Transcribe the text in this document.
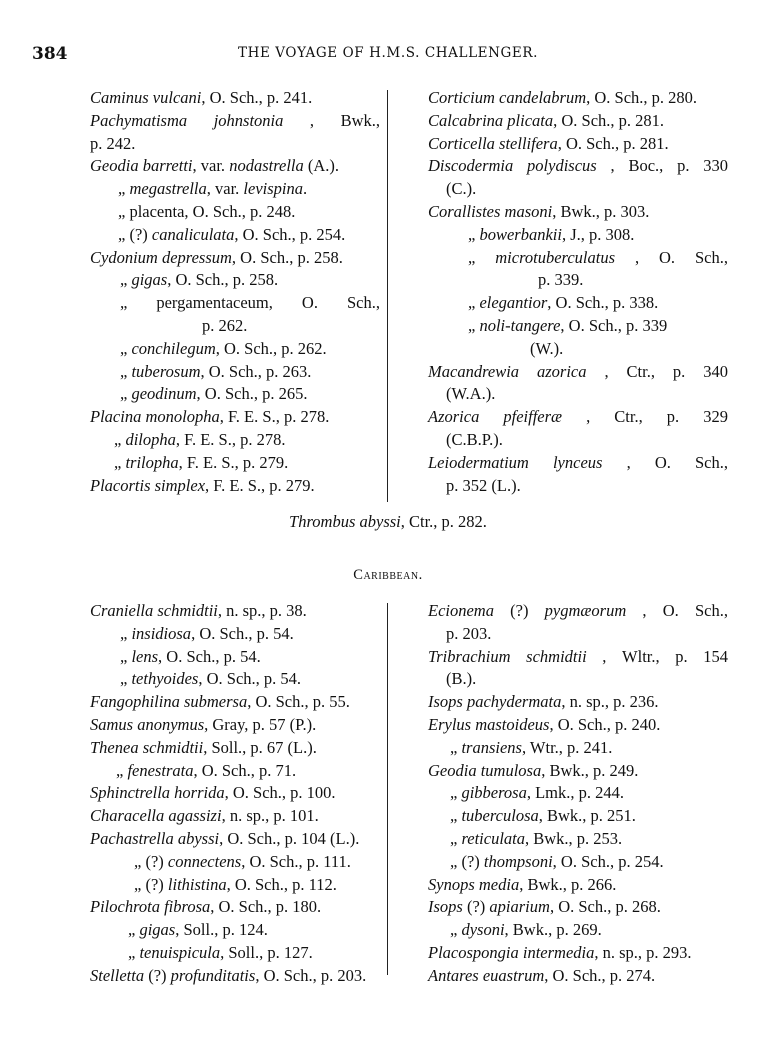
384	THE VOYAGE OF H.M.S. CHALLENGER.
Caminus vulcani, O. Sch., p. 241.
Pachymatisma johnstonia , Bwk.,
p. 242.
Geodia barretti, var. nodastrella (A.).
„ megastrella, var. levispina.
„ placenta, O. Sch., p. 248.
„ (?) canaliculata, O. Sch., p. 254.
Cydonium depressum, O. Sch., p. 258.
„ gigas, O. Sch., p. 258.
„ pergamentaceum, O. Sch.,
p. 262.
„ conchilegum, O. Sch., p. 262.
„ tuberosum, O. Sch., p. 263.
„ geodinum, O. Sch., p. 265.
Placina monolopha, F. E. S., p. 278.
„ dilopha, F. E. S., p. 278.
„ trilopha, F. E. S., p. 279.
Placortis simplex, F. E. S., p. 279.
Corticium candelabrum, O. Sch., p. 280.
Calcabrina plicata, O. Sch., p. 281.
Corticella stellifera, O. Sch., p. 281.
Discodermia polydiscus , Boc., p. 330
(C.).
Corallistes masoni, Bwk., p. 303.
„ bowerbankii, J., p. 308.
„ microtuberculatus , O. Sch.,
p. 339.
„ elegantior, O. Sch., p. 338.
„ noli-tangere, O. Sch., p. 339
(W.).
Macandrewia azorica , Ctr., p. 340
(W.A.).
Azorica pfeifferæ , Ctr., p. 329
(C.B.P.).
Leiodermatium lynceus , O. Sch.,
p. 352 (L.).
Thrombus abyssi, Ctr., p. 282.
Caribbean.
Craniella schmidtii, n. sp., p. 38.
„ insidiosa, O. Sch., p. 54.
„ lens, O. Sch., p. 54.
„ tethyoides, O. Sch., p. 54.
Fangophilina submersa, O. Sch., p. 55.
Samus anonymus, Gray, p. 57 (P.).
Thenea schmidtii, Soll., p. 67 (L.).
„ fenestrata, O. Sch., p. 71.
Sphinctrella horrida, O. Sch., p. 100.
Characella agassizi, n. sp., p. 101.
Pachastrella abyssi, O. Sch., p. 104 (L.).
„ (?) connectens, O. Sch., p. 111.
„ (?) lithistina, O. Sch., p. 112.
Pilochrota fibrosa, O. Sch., p. 180.
„ gigas, Soll., p. 124.
„ tenuispicula, Soll., p. 127.
Stelletta (?) profunditatis, O. Sch., p. 203.
Ecionema (?) pygmæorum , O. Sch.,
p. 203.
Tribrachium schmidtii , Wltr., p. 154
(B.).
Isops pachydermata, n. sp., p. 236.
Erylus mastoideus, O. Sch., p. 240.
„ transiens, Wtr., p. 241.
Geodia tumulosa, Bwk., p. 249.
„ gibberosa, Lmk., p. 244.
„ tuberculosa, Bwk., p. 251.
„ reticulata, Bwk., p. 253.
„ (?) thompsoni, O. Sch., p. 254.
Synops media, Bwk., p. 266.
Isops (?) apiarium, O. Sch., p. 268.
„ dysoni, Bwk., p. 269.
Placospongia intermedia, n. sp., p. 293.
Antares euastrum, O. Sch., p. 274.
